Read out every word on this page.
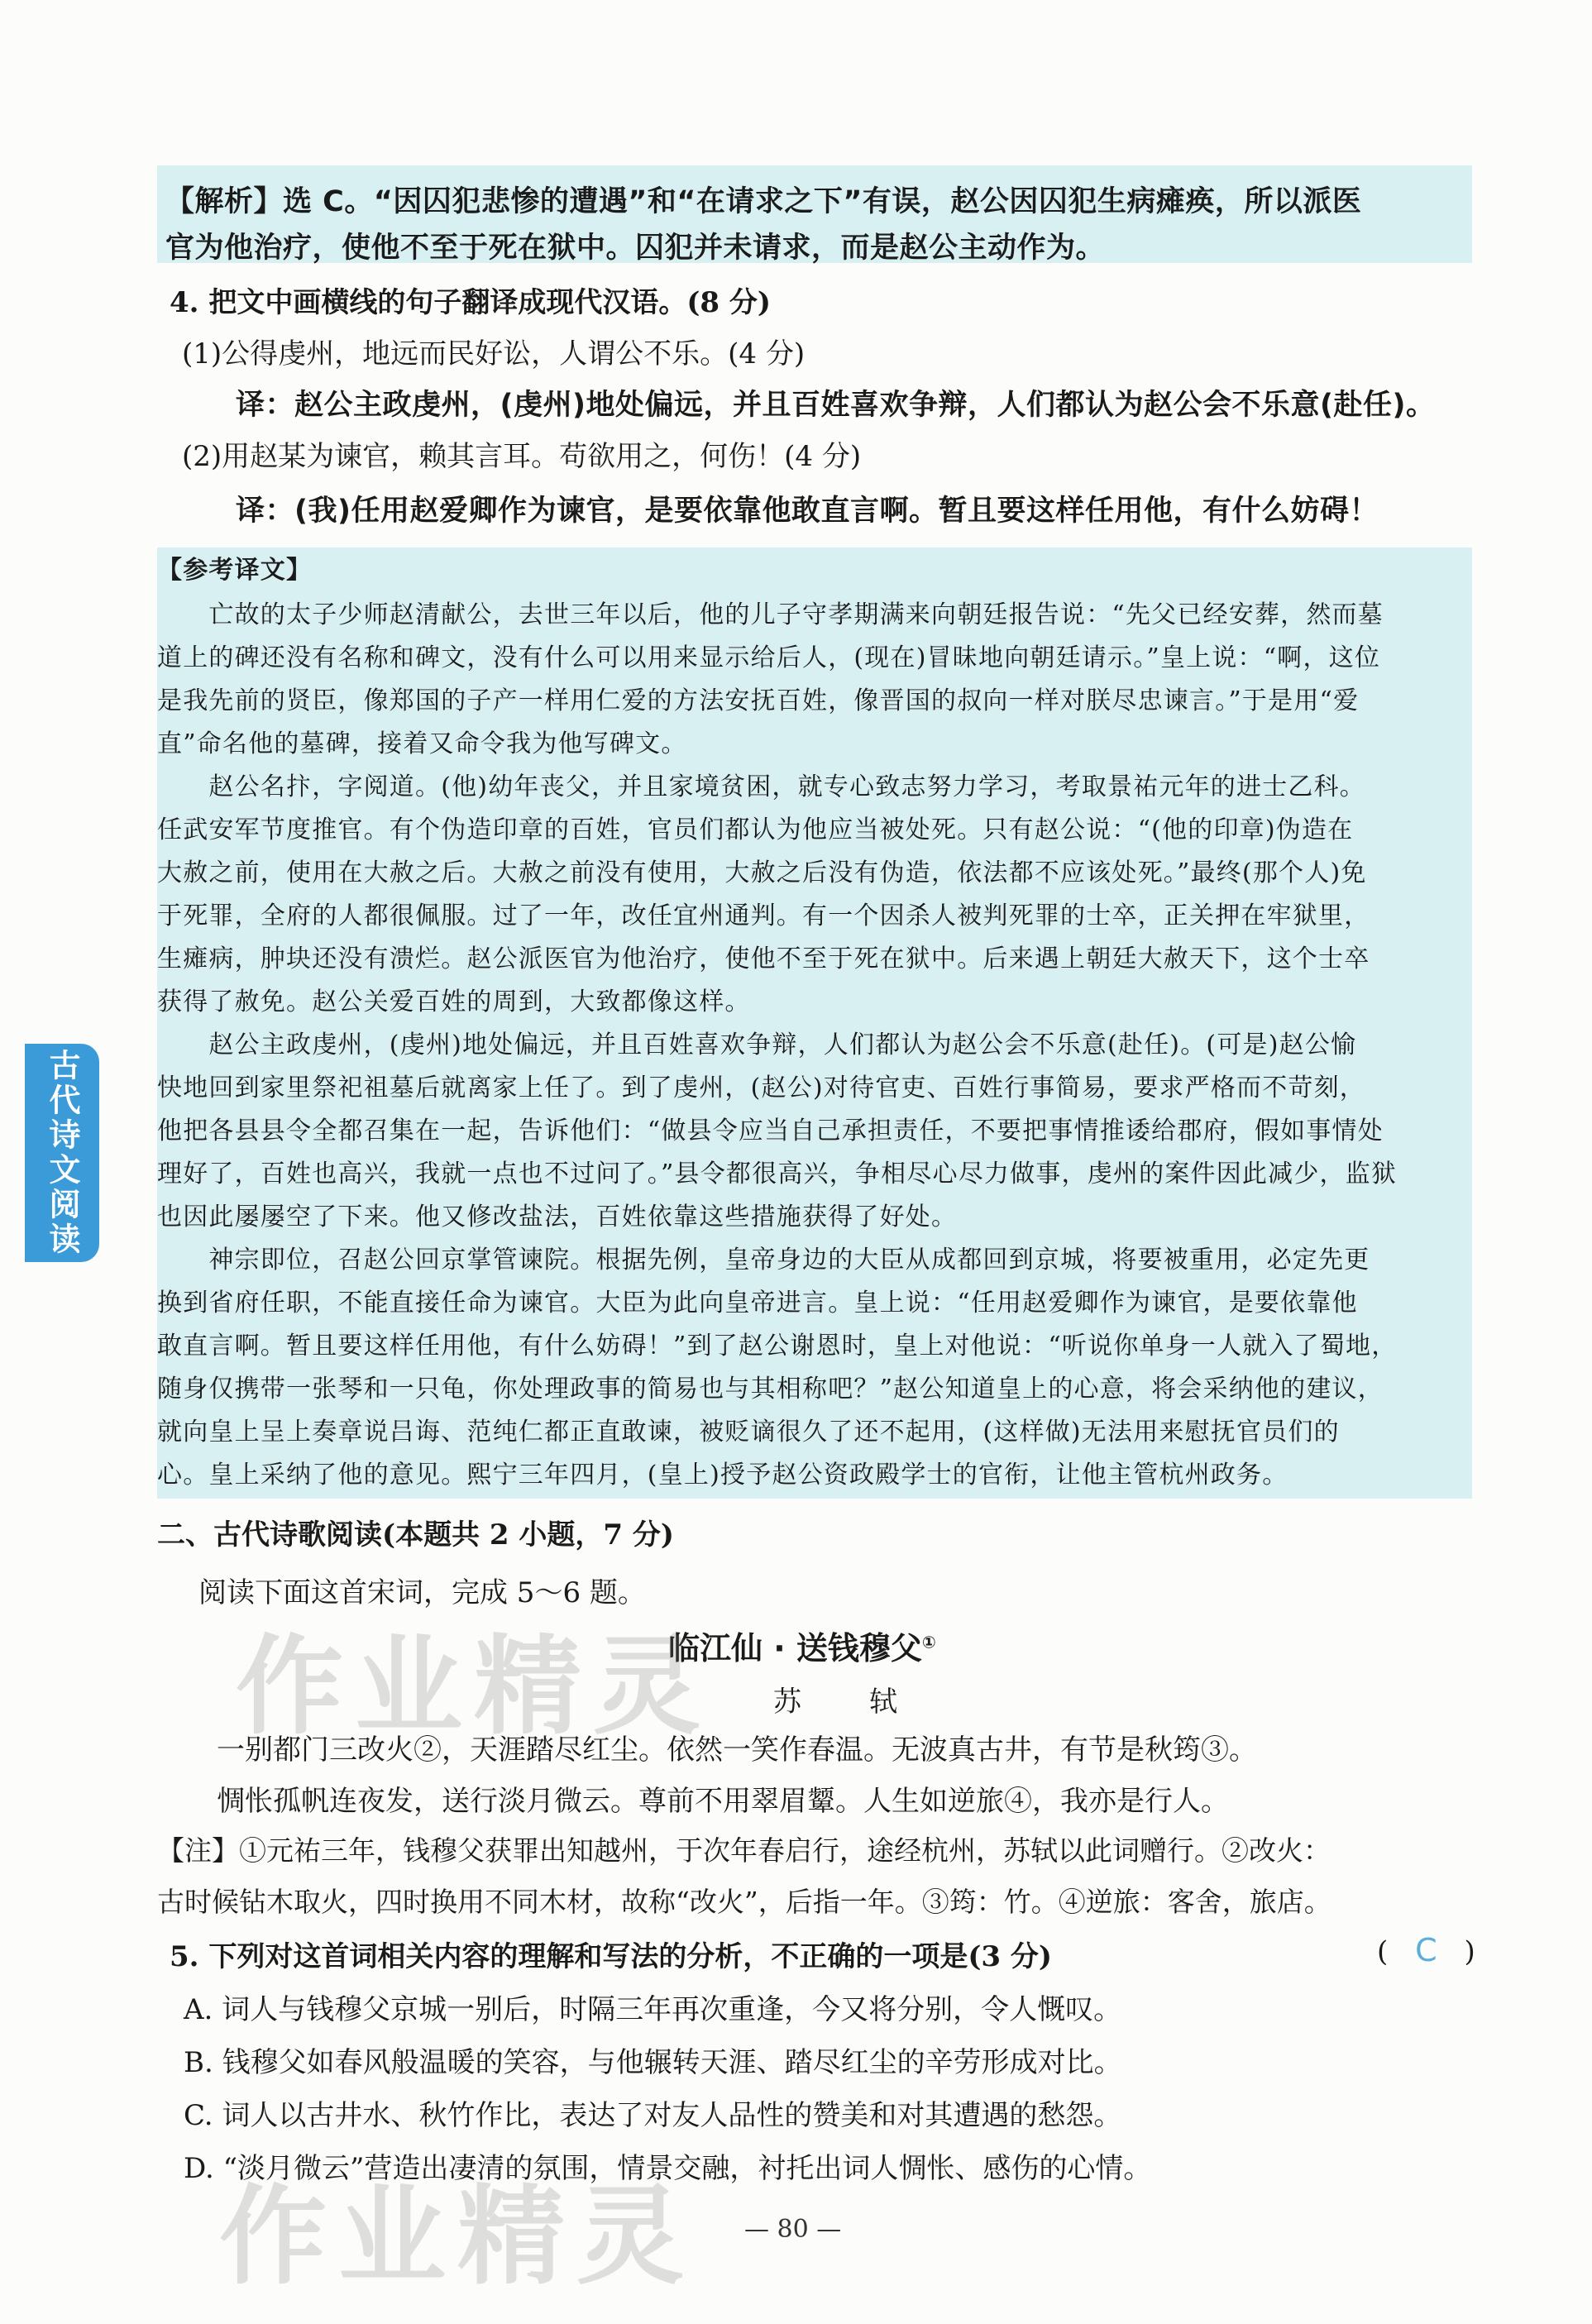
【解析】选 C。“因囚犯悲惨的遭遇”和“在请求之下”有误，赵公因囚犯生病瘫痪，所以派医
官为他治疗，使他不至于死在狱中。囚犯并未请求，而是赵公主动作为。
4. 把文中画横线的句子翻译成现代汉语。(8 分)
(1)公得虔州，地远而民好讼，人谓公不乐。(4 分)
译：赵公主政虔州，(虔州)地处偏远，并且百姓喜欢争辩，人们都认为赵公会不乐意(赴任)。
(2)用赵某为谏官，赖其言耳。苟欲用之，何伤！(4 分)
译：(我)任用赵爱卿作为谏官，是要依靠他敢直言啊。暂且要这样任用他，有什么妨碍！
【参考译文】
　　亡故的太子少师赵清献公，去世三年以后，他的儿子守孝期满来向朝廷报告说：“先父已经安葬，然而墓
道上的碑还没有名称和碑文，没有什么可以用来显示给后人，(现在)冒昧地向朝廷请示。”皇上说：“啊，这位
是我先前的贤臣，像郑国的子产一样用仁爱的方法安抚百姓，像晋国的叔向一样对朕尽忠谏言。”于是用“爱
直”命名他的墓碑，接着又命令我为他写碑文。
　　赵公名抃，字阅道。(他)幼年丧父，并且家境贫困，就专心致志努力学习，考取景祐元年的进士乙科。
任武安军节度推官。有个伪造印章的百姓，官员们都认为他应当被处死。只有赵公说：“(他的印章)伪造在
大赦之前，使用在大赦之后。大赦之前没有使用，大赦之后没有伪造，依法都不应该处死。”最终(那个人)免
于死罪，全府的人都很佩服。过了一年，改任宜州通判。有一个因杀人被判死罪的士卒，正关押在牢狱里，
生瘫病，肿块还没有溃烂。赵公派医官为他治疗，使他不至于死在狱中。后来遇上朝廷大赦天下，这个士卒
获得了赦免。赵公关爱百姓的周到，大致都像这样。
　　赵公主政虔州，(虔州)地处偏远，并且百姓喜欢争辩，人们都认为赵公会不乐意(赴任)。(可是)赵公愉
快地回到家里祭祀祖墓后就离家上任了。到了虔州，(赵公)对待官吏、百姓行事简易，要求严格而不苛刻，
他把各县县令全都召集在一起，告诉他们：“做县令应当自己承担责任，不要把事情推诿给郡府，假如事情处
理好了，百姓也高兴，我就一点也不过问了。”县令都很高兴，争相尽心尽力做事，虔州的案件因此减少，监狱
也因此屡屡空了下来。他又修改盐法，百姓依靠这些措施获得了好处。
　　神宗即位，召赵公回京掌管谏院。根据先例，皇帝身边的大臣从成都回到京城，将要被重用，必定先更
换到省府任职，不能直接任命为谏官。大臣为此向皇帝进言。皇上说：“任用赵爱卿作为谏官，是要依靠他
敢直言啊。暂且要这样任用他，有什么妨碍！”到了赵公谢恩时，皇上对他说：“听说你单身一人就入了蜀地，
随身仅携带一张琴和一只龟，你处理政事的简易也与其相称吧？”赵公知道皇上的心意，将会采纳他的建议，
就向皇上呈上奏章说吕诲、范纯仁都正直敢谏，被贬谪很久了还不起用，(这样做)无法用来慰抚官员们的
心。皇上采纳了他的意见。熙宁三年四月，(皇上)授予赵公资政殿学士的官衔，让他主管杭州政务。
古代诗文阅读
二、古代诗歌阅读(本题共 2 小题，7 分)
阅读下面这首宋词，完成 5～6 题。
临江仙 · 送钱穆父①
苏　轼
一别都门三改火②，天涯踏尽红尘。依然一笑作春温。无波真古井，有节是秋筠③。
惆怅孤帆连夜发，送行淡月微云。尊前不用翠眉颦。人生如逆旅④，我亦是行人。
【注】①元祐三年，钱穆父获罪出知越州，于次年春启行，途经杭州，苏轼以此词赠行。②改火：
古时候钻木取火，四时换用不同木材，故称“改火”，后指一年。③筠：竹。④逆旅：客舍，旅店。
5. 下列对这首词相关内容的理解和写法的分析，不正确的一项是(3 分)	( C )
A. 词人与钱穆父京城一别后，时隔三年再次重逢，今又将分别，令人慨叹。
B. 钱穆父如春风般温暖的笑容，与他辗转天涯、踏尽红尘的辛劳形成对比。
C. 词人以古井水、秋竹作比，表达了对友人品性的赞美和对其遭遇的愁怨。
D. “淡月微云”营造出凄清的氛围，情景交融，衬托出词人惆怅、感伤的心情。
— 80 —
作业精灵
作业精灵
